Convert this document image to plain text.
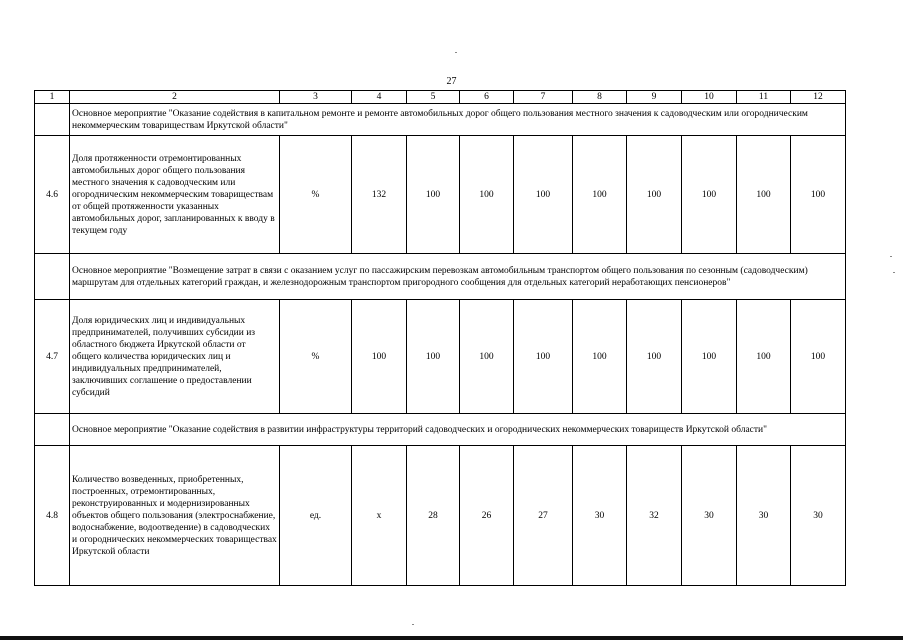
27
1	2	3	4	5	6	7	8	9	10	11	12
	Основное мероприятие "Оказание содействия в капитальном ремонте и ремонте автомобильных дорог общего пользования местного значения к садоводческим или огородническим некоммерческим товариществам Иркутской области"										
4.6	Доля протяженности отремонтированных автомобильных дорог общего пользования местного значения к садоводческим или огородническим некоммерческим товариществам от общей протяженности указанных автомобильных дорог, запланированных к вводу в текущем году	%	132	100	100	100	100	100	100	100	100
	Основное мероприятие "Возмещение затрат в связи с оказанием услуг по пассажирским перевозкам автомобильным транспортом общего пользования по сезонным (садоводческим) маршрутам для отдельных категорий граждан, и железнодорожным транспортом пригородного сообщения для отдельных категорий неработающих пенсионеров"										
4.7	Доля юридических лиц и индивидуальных предпринимателей, получивших субсидии из областного бюджета Иркутской области от общего количества юридических лиц и индивидуальных предпринимателей, заключивших соглашение о предоставлении субсидий	%	100	100	100	100	100	100	100	100	100
	Основное мероприятие "Оказание содействия в развитии инфраструктуры территорий садоводческих и огороднических некоммерческих товариществ Иркутской области"										
4.8	Количество возведенных, приобретенных, построенных, отремонтированных, реконструированных и модернизированных объектов общего пользования (электроснабжение, водоснабжение, водоотведение) в садоводческих и огороднических некоммерческих товариществах Иркутской области	ед.	x	28	26	27	30	32	30	30	30
